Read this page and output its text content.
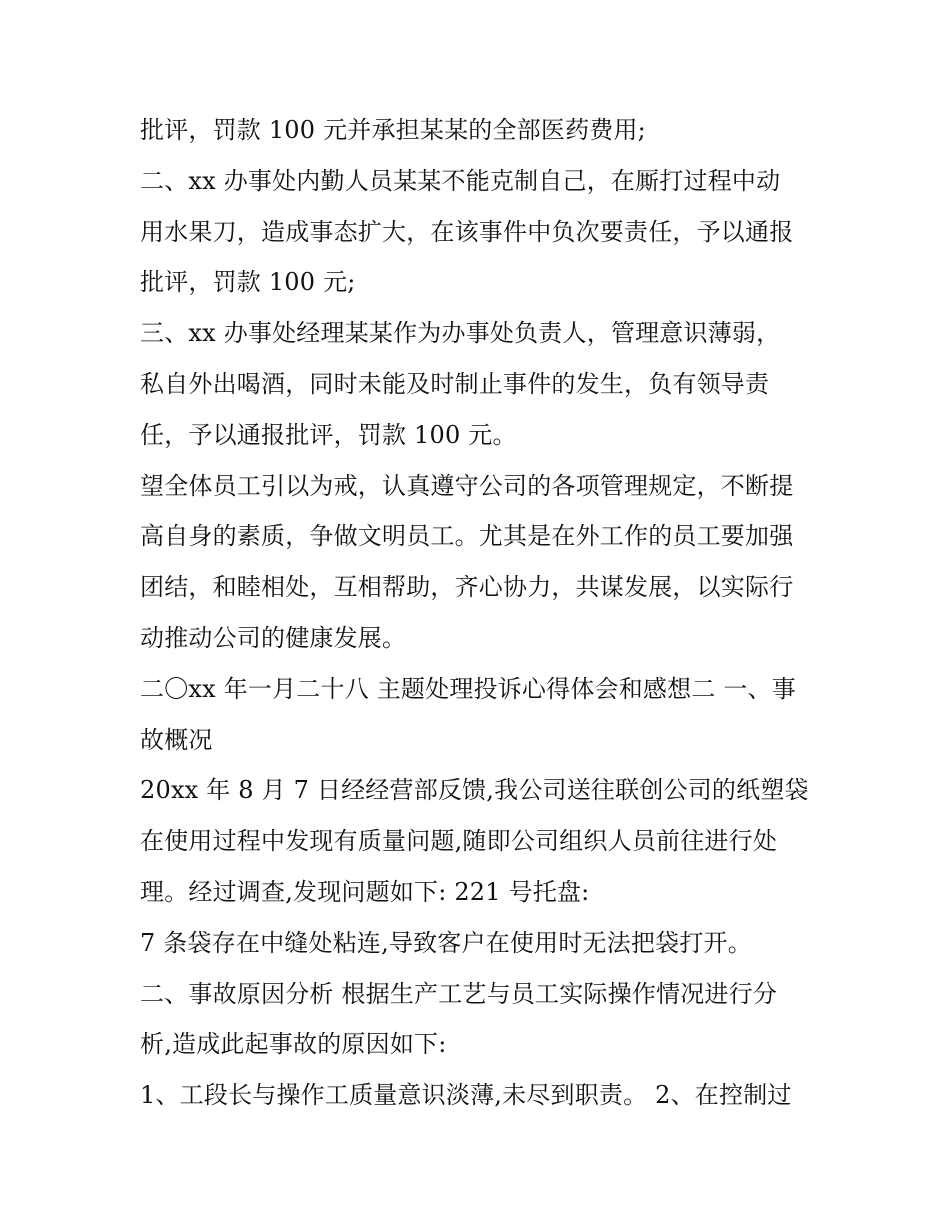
批评，罚款 100 元并承担某某的全部医药费用;
二、xx 办事处内勤人员某某不能克制自己，在厮打过程中动
用水果刀，造成事态扩大，在该事件中负次要责任，予以通报
批评，罚款 100 元;
三、xx 办事处经理某某作为办事处负责人，管理意识薄弱，
私自外出喝酒，同时未能及时制止事件的发生，负有领导责
任，予以通报批评，罚款 100 元。
望全体员工引以为戒，认真遵守公司的各项管理规定，不断提
高自身的素质，争做文明员工。尤其是在外工作的员工要加强
团结，和睦相处，互相帮助，齐心协力，共谋发展，以实际行
动推动公司的健康发展。
二〇xx 年一月二十八 主题处理投诉心得体会和感想二 一、事
故概况
20xx 年 8 月 7 日经经营部反馈,我公司送往联创公司的纸塑袋
在使用过程中发现有质量问题,随即公司组织人员前往进行处
理。经过调查,发现问题如下: 221 号托盘:
7 条袋存在中缝处粘连,导致客户在使用时无法把袋打开。
二、事故原因分析 根据生产工艺与员工实际操作情况进行分
析,造成此起事故的原因如下:
1、工段长与操作工质量意识淡薄,未尽到职责。 2、在控制过
